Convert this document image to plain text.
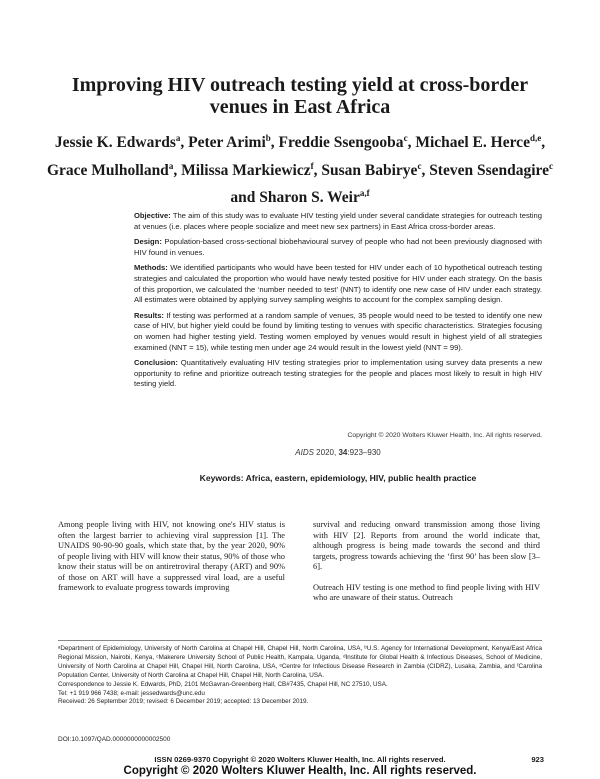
Improving HIV outreach testing yield at cross-border venues in East Africa
Jessie K. Edwards$^a$, Peter Arimi$^b$, Freddie Ssengooba$^c$, Michael E. Herce$^{d,e}$, Grace Mulholland$^a$, Milissa Markiewicz$^f$, Susan Babirye$^c$, Steven Ssendagire$^c$ and Sharon S. Weir$^{a,f}$

Objective: The aim of this study was to evaluate HIV testing yield under several candidate strategies for outreach testing at venues (i.e. places where people socialize and meet new sex partners) in East Africa cross-border areas.

Design: Population-based cross-sectional biobehavioural survey of people who had not been previously diagnosed with HIV found in venues.

Methods: We identified participants who would have been tested for HIV under each of 10 hypothetical outreach testing strategies and calculated the proportion who would have newly tested positive for HIV under each strategy. On the basis of this proportion, we calculated the ‘number needed to test’ (NNT) to identify one new case of HIV under each strategy. All estimates were obtained by applying survey sampling weights to account for the complex sampling design.

Results: If testing was performed at a random sample of venues, 35 people would need to be tested to identify one new case of HIV, but higher yield could be found by limiting testing to venues with specific characteristics. Strategies focusing on women had higher testing yield. Testing women employed by venues would result in highest yield of all strategies examined (NNT = 15), while testing men under age 24 would result in the lowest yield (NNT = 99).

Conclusion: Quantitatively evaluating HIV testing strategies prior to implementation using survey data presents a new opportunity to refine and prioritize outreach testing strategies for the people and places most likely to result in high HIV testing yield.

Copyright © 2020 Wolters Kluwer Health, Inc. All rights reserved.
AIDS 2020, 34:923–930
Keywords: Africa, eastern, epidemiology, HIV, public health practice

Among people living with HIV, not knowing one's HIV status is often the largest barrier to achieving viral suppression [1]. The UNAIDS 90-90-90 goals, which state that, by the year 2020, 90% of people living with HIV will know their status, 90% of those who know their status will be on antiretroviral therapy (ART) and 90% of those on ART will have a suppressed viral load, are a useful framework to evaluate progress towards improving

survival and reducing onward transmission among those living with HIV [2]. Reports from around the world indicate that, although progress is being made towards the second and third targets, progress towards achieving the ‘first 90’ has been slow [3–6].

Outreach HIV testing is one method to find people living with HIV who are unaware of their status. Outreach

ᵃDepartment of Epidemiology, University of North Carolina at Chapel Hill, Chapel Hill, North Carolina, USA, ᵇU.S. Agency for International Development, Kenya/East Africa Regional Mission, Nairobi, Kenya, ᶜMakerere University School of Public Health, Kampala, Uganda, ᵈInstitute for Global Health & Infectious Diseases, School of Medicine, University of North Carolina at Chapel Hill, Chapel Hill, North Carolina, USA, ᵉCentre for Infectious Disease Research in Zambia (CIDRZ), Lusaka, Zambia, and ᶠCarolina Population Center, University of North Carolina at Chapel Hill, Chapel Hill, North Carolina, USA.

Correspondence to Jessie K. Edwards, PhD, 2101 McGavran-Greenberg Hall, CB#7435, Chapel Hill, NC 27510, USA.

Tel: +1 919 966 7438; e-mail: jessedwards@unc.edu

Received: 26 September 2019; revised: 6 December 2019; accepted: 13 December 2019.

DOI:10.1097/QAD.0000000000002500
ISSN 0269-9370 Copyright © 2020 Wolters Kluwer Health, Inc. All rights reserved.	923
Copyright © 2020 Wolters Kluwer Health, Inc. All rights reserved.
